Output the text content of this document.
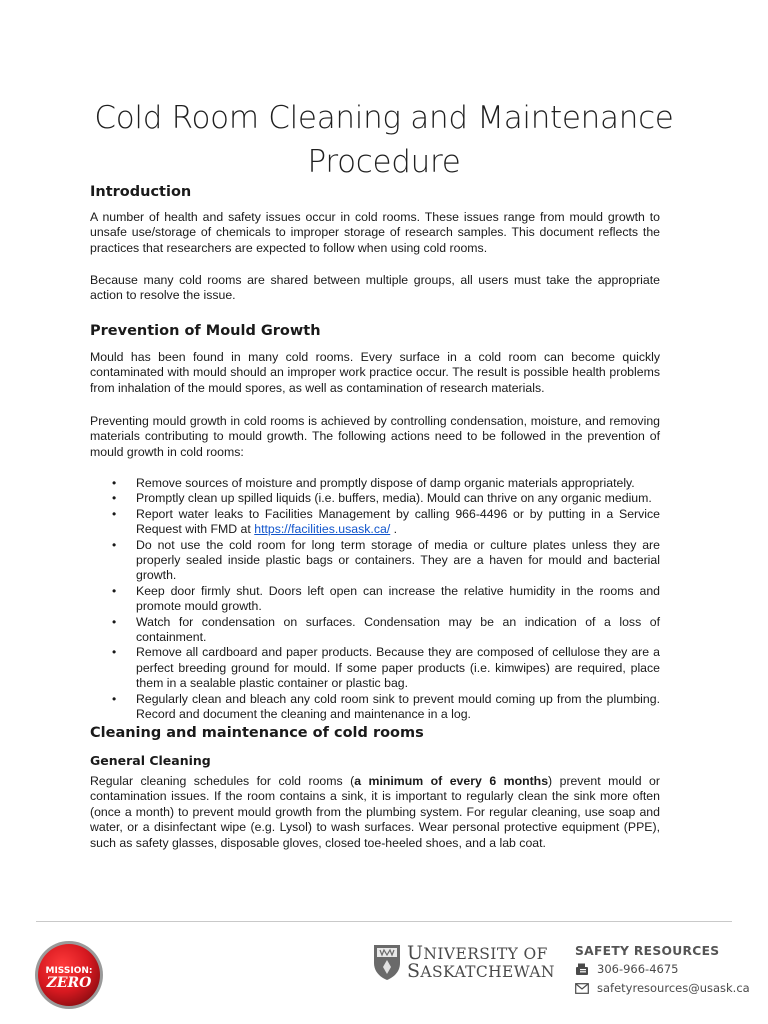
Cold Room Cleaning and Maintenance
Procedure
Introduction

A number of health and safety issues occur in cold rooms. These issues range from mould growth to unsafe use/storage of chemicals to improper storage of research samples. This document reflects the practices that researchers are expected to follow when using cold rooms.

Because many cold rooms are shared between multiple groups, all users must take the appropriate action to resolve the issue.

Prevention of Mould Growth

Mould has been found in many cold rooms. Every surface in a cold room can become quickly contaminated with mould should an improper work practice occur. The result is possible health problems from inhalation of the mould spores, as well as contamination of research materials.

Preventing mould growth in cold rooms is achieved by controlling condensation, moisture, and removing materials contributing to mould growth. The following actions need to be followed in the prevention of mould growth in cold rooms:

• Remove sources of moisture and promptly dispose of damp organic materials appropriately.
• Promptly clean up spilled liquids (i.e. buffers, media). Mould can thrive on any organic medium.
• Report water leaks to Facilities Management by calling 966-4496 or by putting in a Service Request with FMD at https://facilities.usask.ca/ .
• Do not use the cold room for long term storage of media or culture plates unless they are properly sealed inside plastic bags or containers. They are a haven for mould and bacterial growth.
• Keep door firmly shut. Doors left open can increase the relative humidity in the rooms and promote mould growth.
• Watch for condensation on surfaces. Condensation may be an indication of a loss of containment.
• Remove all cardboard and paper products. Because they are composed of cellulose they are a perfect breeding ground for mould. If some paper products (i.e. kimwipes) are required, place them in a sealable plastic container or plastic bag.
• Regularly clean and bleach any cold room sink to prevent mould coming up from the plumbing. Record and document the cleaning and maintenance in a log.
Cleaning and maintenance of cold rooms
General Cleaning

Regular cleaning schedules for cold rooms (a minimum of every 6 months) prevent mould or contamination issues. If the room contains a sink, it is important to regularly clean the sink more often (once a month) to prevent mould growth from the plumbing system. For regular cleaning, use soap and water, or a disinfectant wipe (e.g. Lysol) to wash surfaces. Wear personal protective equipment (PPE), such as safety glasses, disposable gloves, closed toe-heeled shoes, and a lab coat.

MISSION:
ZERO
UNIVERSITY OF
SASKATCHEWAN
SAFETY RESOURCES
306-966-4675
safetyresources@usask.ca
